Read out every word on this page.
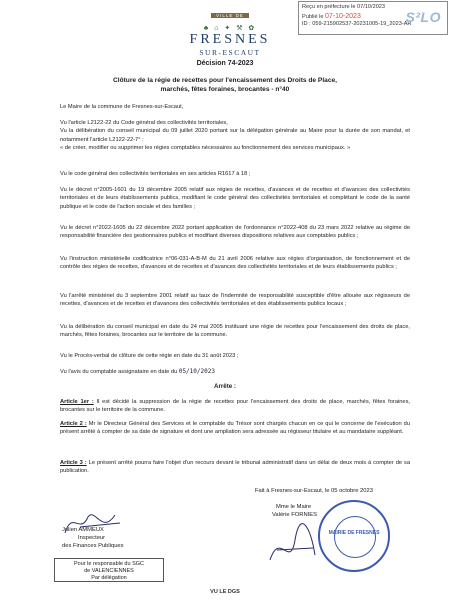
Reçu en préfecture le 07/10/2023
Publié le 07-10-2023
ID : 059-215902537-20231005-19_2023-AR
S²LO
VILLE DE
♣ ⌂ ✦ ⚒ ✿
FRESNES
SUR-ESCAUT
Décision 74-2023
Clôture de la régie de recettes pour l'encaissement des Droits de Place,
marchés, fêtes foraines, brocantes - n°40

Le Maire de la commune de Fresnes-sur-Escaut,

Vu l'article L2122-22 du Code général des collectivités territoriales,

Vu la délibération du conseil municipal du 09 juillet 2020 portant sur la délégation générale au Maire pour la durée de son mandat, et notamment l'article L2122-22-7° :

« de créer, modifier ou supprimer les régies comptables nécessaires au fonctionnement des services municipaux. »

Vu le code général des collectivités territoriales en ses articles R1617 à 18 ;

Vu le décret n°2005-1601 du 19 décembre 2005 relatif aux régies de recettes, d'avances et de recettes et d'avances des collectivités territoriales et de leurs établissements publics, modifiant le code général des collectivités territoriales et complétant le code de la santé publique et le code de l'action sociale et des familles ;

Vu le décret n°2022-1605 du 22 décembre 2022 portant application de l'ordonnance n°2022-408 du 23 mars 2022 relative au régime de responsabilité financière des gestionnaires publics et modifiant diverses dispositions relatives aux comptables publics ;

Vu l'instruction ministérielle codificatrice n°06-031-A-B-M du 21 avril 2006 relative aux régies d'organisation, de fonctionnement et de contrôle des régies de recettes, d'avances et de recettes et d'avances des collectivités territoriales et de leurs établissements publics ;

Vu l'arrêté ministériel du 3 septembre 2001 relatif au taux de l'indemnité de responsabilité susceptible d'être allouée aux régisseurs de recettes, d'avances et de recettes et d'avances des collectivités territoriales et des établissements publics locaux ;

Vu la délibération du conseil municipal en date du 24 mai 2005 instituant une régie de recettes pour l'encaissement des droits de place, marchés, fêtes foraines, brocantes sur le territoire de la commune.

Vu le Procès-verbal de clôture de cette régie en date du 31 août 2023 ;

Vu l'avis du comptable assignataire en date du 05/10/2023

Arrête :

Article 1er : Il est décidé la suppression de la régie de recettes pour l'encaissement des droits de place, marchés, fêtes foraines, brocantes sur le territoire de la commune.

Article 2 : Mr le Directeur Général des Services et le comptable du Trésor sont chargés chacun en ce qui le concerne de l'exécution du présent arrêté à compter de sa date de signature et dont une ampliation sera adressée au régisseur titulaire et au mandataire suppléant.

Article 3 : Le présent arrêté pourra faire l'objet d'un recours devant le tribunal administratif dans un délai de deux mois à compter de sa publication.

Fait à Fresnes-sur-Escaut, le 05 octobre 2023
Mme le Maire
Valérie FORNIES
Julien AMMEUX
Inspecteur
des Finances Publiques
Pour le responsable du SGC
de VALENCIENNES
Par délégation
MAIRIE DE FRESNES
VU LE DGS
